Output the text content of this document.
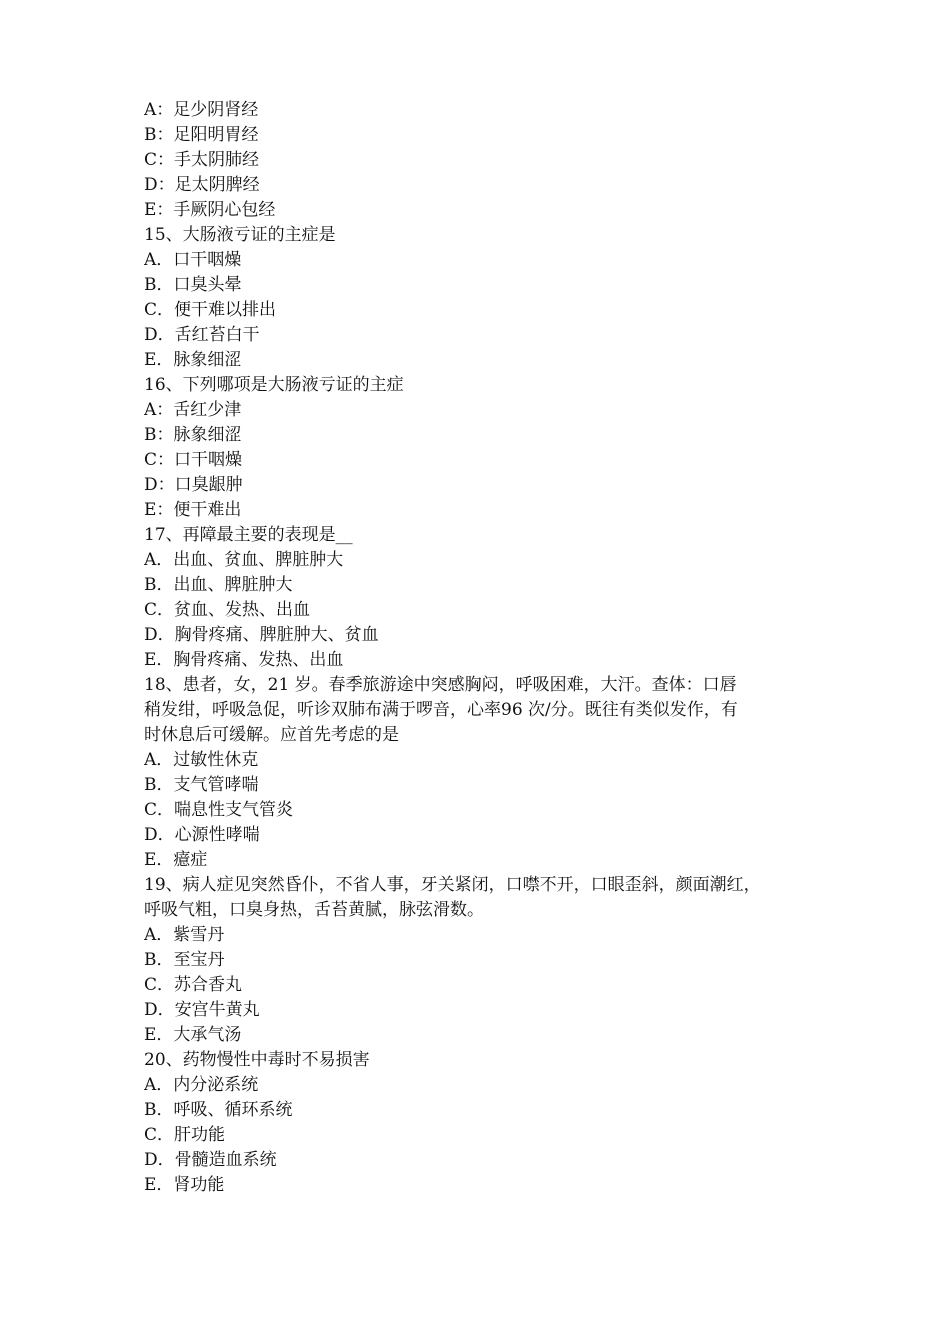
A：足少阴肾经
B：足阳明胃经
C：手太阴肺经
D：足太阴脾经
E：手厥阴心包经
15、大肠液亏证的主症是
A．口干咽燥
B．口臭头晕
C．便干难以排出
D．舌红苔白干
E．脉象细涩
16、下列哪项是大肠液亏证的主症
A：舌红少津
B：脉象细涩
C：口干咽燥
D：口臭龈肿
E：便干难出
17、再障最主要的表现是__
A．出血、贫血、脾脏肿大
B．出血、脾脏肿大
C．贫血、发热、出血
D．胸骨疼痛、脾脏肿大、贫血
E．胸骨疼痛、发热、出血
18、患者，女，21 岁。春季旅游途中突感胸闷，呼吸困难，大汗。查体：口唇
稍发绀，呼吸急促，听诊双肺布满于啰音，心率96 次/分。既往有类似发作，有
时休息后可缓解。应首先考虑的是
A．过敏性休克
B．支气管哮喘
C．喘息性支气管炎
D．心源性哮喘
E．癔症
19、病人症见突然昏仆，不省人事，牙关紧闭，口噤不开，口眼歪斜，颜面潮红，
呼吸气粗，口臭身热，舌苔黄腻，脉弦滑数。
A．紫雪丹
B．至宝丹
C．苏合香丸
D．安宫牛黄丸
E．大承气汤
20、药物慢性中毒时不易损害
A．内分泌系统
B．呼吸、循环系统
C．肝功能
D．骨髓造血系统
E．肾功能
